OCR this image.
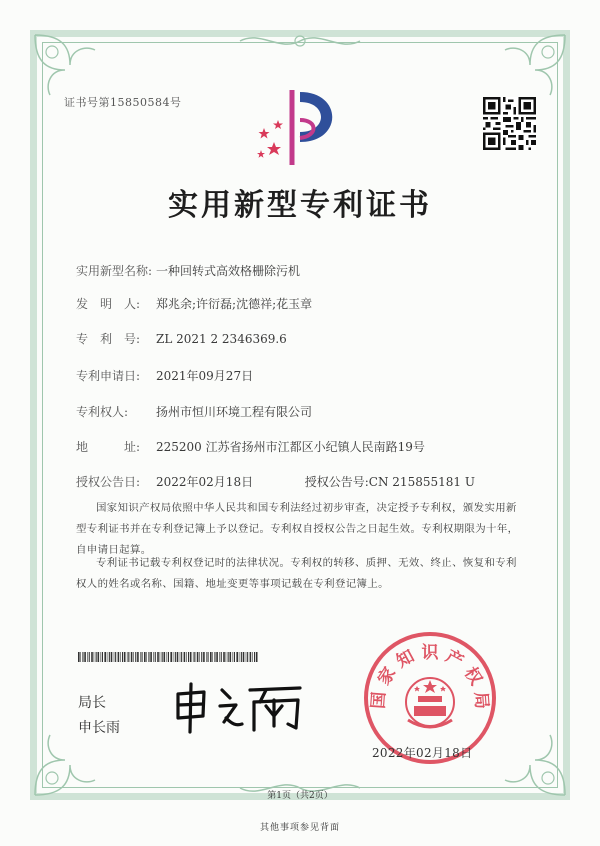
证书号第15850584号
实用新型专利证书
实用新型名称: 一种回转式高效格栅除污机
发　明　人: 郑兆余;许衍磊;沈德祥;花玉章
专　利　号: ZL 2021 2 2346369.6
专利申请日: 2021年09月27日
专利权人: 扬州市恒川环境工程有限公司
地　　　址: 225200 江苏省扬州市江都区小纪镇人民南路19号
授权公告日: 2022年02月18日	授权公告号:CN 215855181 U
国家知识产权局依照中华人民共和国专利法经过初步审查，决定授予专利权，颁发实用新型专利证书并在专利登记簿上予以登记。专利权自授权公告之日起生效。专利权期限为十年，自申请日起算。
专利证书记载专利权登记时的法律状况。专利权的转移、质押、无效、终止、恢复和专利权人的姓名或名称、国籍、地址变更等事项记载在专利登记簿上。
局长
申长雨
国 家 知 识 产 权 局
2022年02月18日
第1页（共2页）
其他事项参见背面
